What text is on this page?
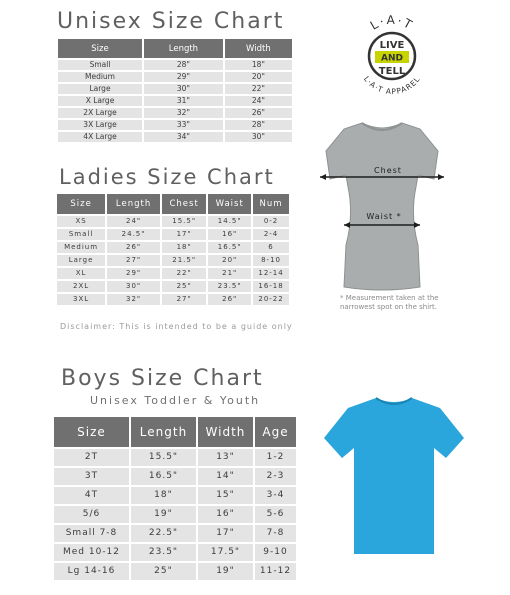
Unisex Size Chart
Size	Length	Width
Small	28"	18"
Medium	29"	20"
Large	30"	22"
X Large	31"	24"
2X Large	32"	26"
3X Large	33"	28"
4X Large	34"	30"
L·A·T
LIVE
AND
TELL
L·A·T APPAREL
Ladies Size Chart
Size	Length	Chest	Waist	Num
XS	24"	15.5"	14.5"	0-2
Small	24.5"	17"	16"	2-4
Medium	26"	18"	16.5"	6
Large	27"	21.5"	20"	8-10
XL	29"	22"	21"	12-14
2XL	30"	25"	23.5"	16-18
3XL	32"	27"	26"	20-22
Disclaimer: This is intended to be a guide only
Chest
Waist *
* Measurement taken at the narrowest spot on the shirt.
Boys Size Chart
Unisex Toddler & Youth
Size	Length	Width	Age
2T	15.5"	13"	1-2
3T	16.5"	14"	2-3
4T	18"	15"	3-4
5/6	19"	16"	5-6
Small 7-8	22.5"	17"	7-8
Med 10-12	23.5"	17.5"	9-10
Lg 14-16	25"	19"	11-12
